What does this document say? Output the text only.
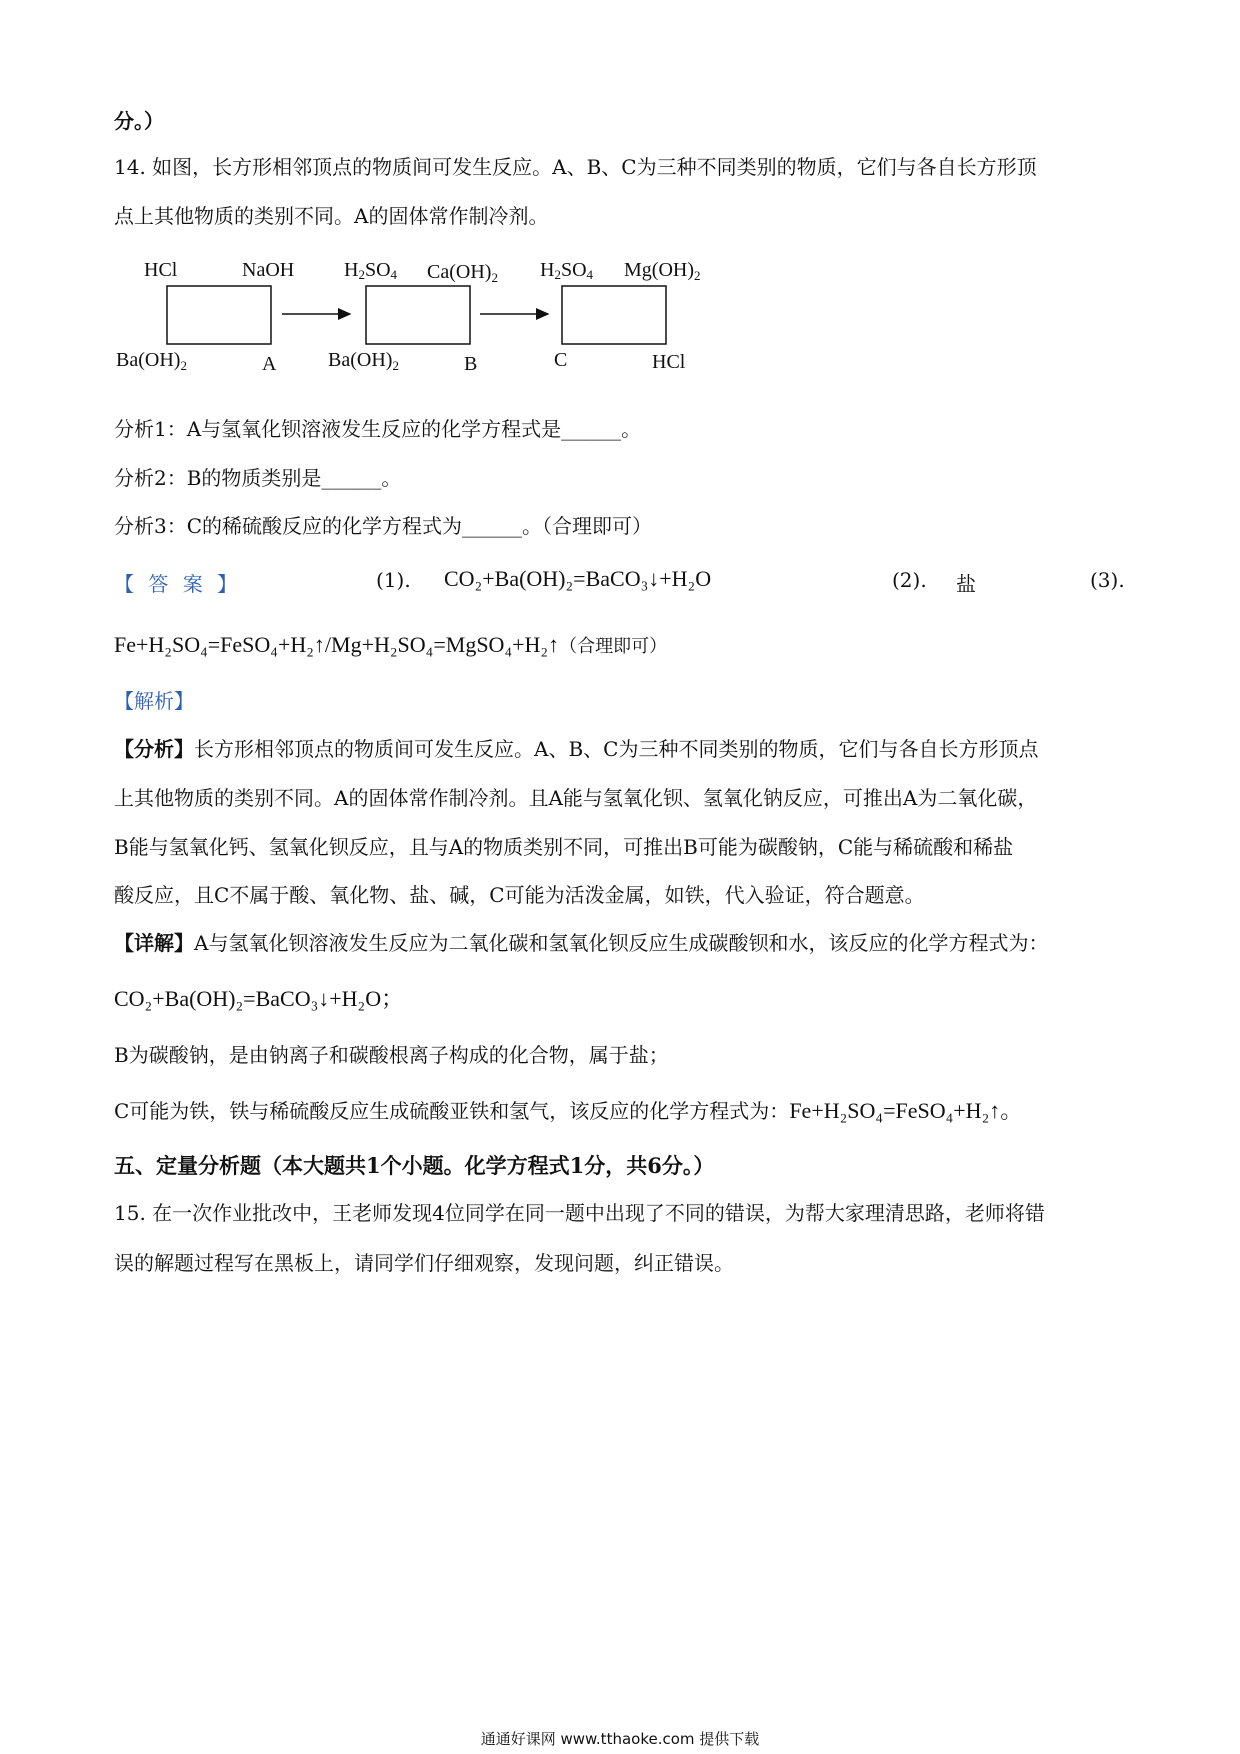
分。）
14. 如图，长方形相邻顶点的物质间可发生反应。A、B、C为三种不同类别的物质，它们与各自长方形顶
点上其他物质的类别不同。A的固体常作制冷剂。
HCl	NaOH
$Ba(OH)_2$	A
H2SO4 $Ca(OH)_2$
$Ba(OH)_2$	B
H2SO4 $Mg(OH)_2$
C	HCl
分析1：A与氢氧化钡溶液发生反应的化学方程式是______。
分析2：B的物质类别是______。
分析3：C的稀硫酸反应的化学方程式为______。（合理即可）
【 答 案 】	(1). CO₂+Ba(OH)₂=BaCO₃↓+H₂O	(2). 盐	(3).
Fe+H₂SO₄=FeSO₄+H₂↑/Mg+H₂SO₄=MgSO₄+H₂↑（合理即可）
【解析】
【分析】长方形相邻顶点的物质间可发生反应。A、B、C为三种不同类别的物质，它们与各自长方形顶点
上其他物质的类别不同。A的固体常作制冷剂。且A能与氢氧化钡、氢氧化钠反应，可推出A为二氧化碳，
B能与氢氧化钙、氢氧化钡反应，且与A的物质类别不同，可推出B可能为碳酸钠，C能与稀硫酸和稀盐
酸反应，且C不属于酸、氧化物、盐、碱，C可能为活泼金属，如铁，代入验证，符合题意。
【详解】A与氢氧化钡溶液发生反应为二氧化碳和氢氧化钡反应生成碳酸钡和水，该反应的化学方程式为：
CO₂+Ba(OH)₂=BaCO₃↓+H₂O；
B为碳酸钠，是由钠离子和碳酸根离子构成的化合物，属于盐；
C可能为铁，铁与稀硫酸反应生成硫酸亚铁和氢气，该反应的化学方程式为：Fe+H₂SO₄=FeSO₄+H₂↑。
五、定量分析题（本大题共1个小题。化学方程式1分，共6分。）
15. 在一次作业批改中，王老师发现4位同学在同一题中出现了不同的错误，为帮大家理清思路，老师将错
误的解题过程写在黑板上，请同学们仔细观察，发现问题，纠正错误。
通通好课网 www.tthaoke.com 提供下载
